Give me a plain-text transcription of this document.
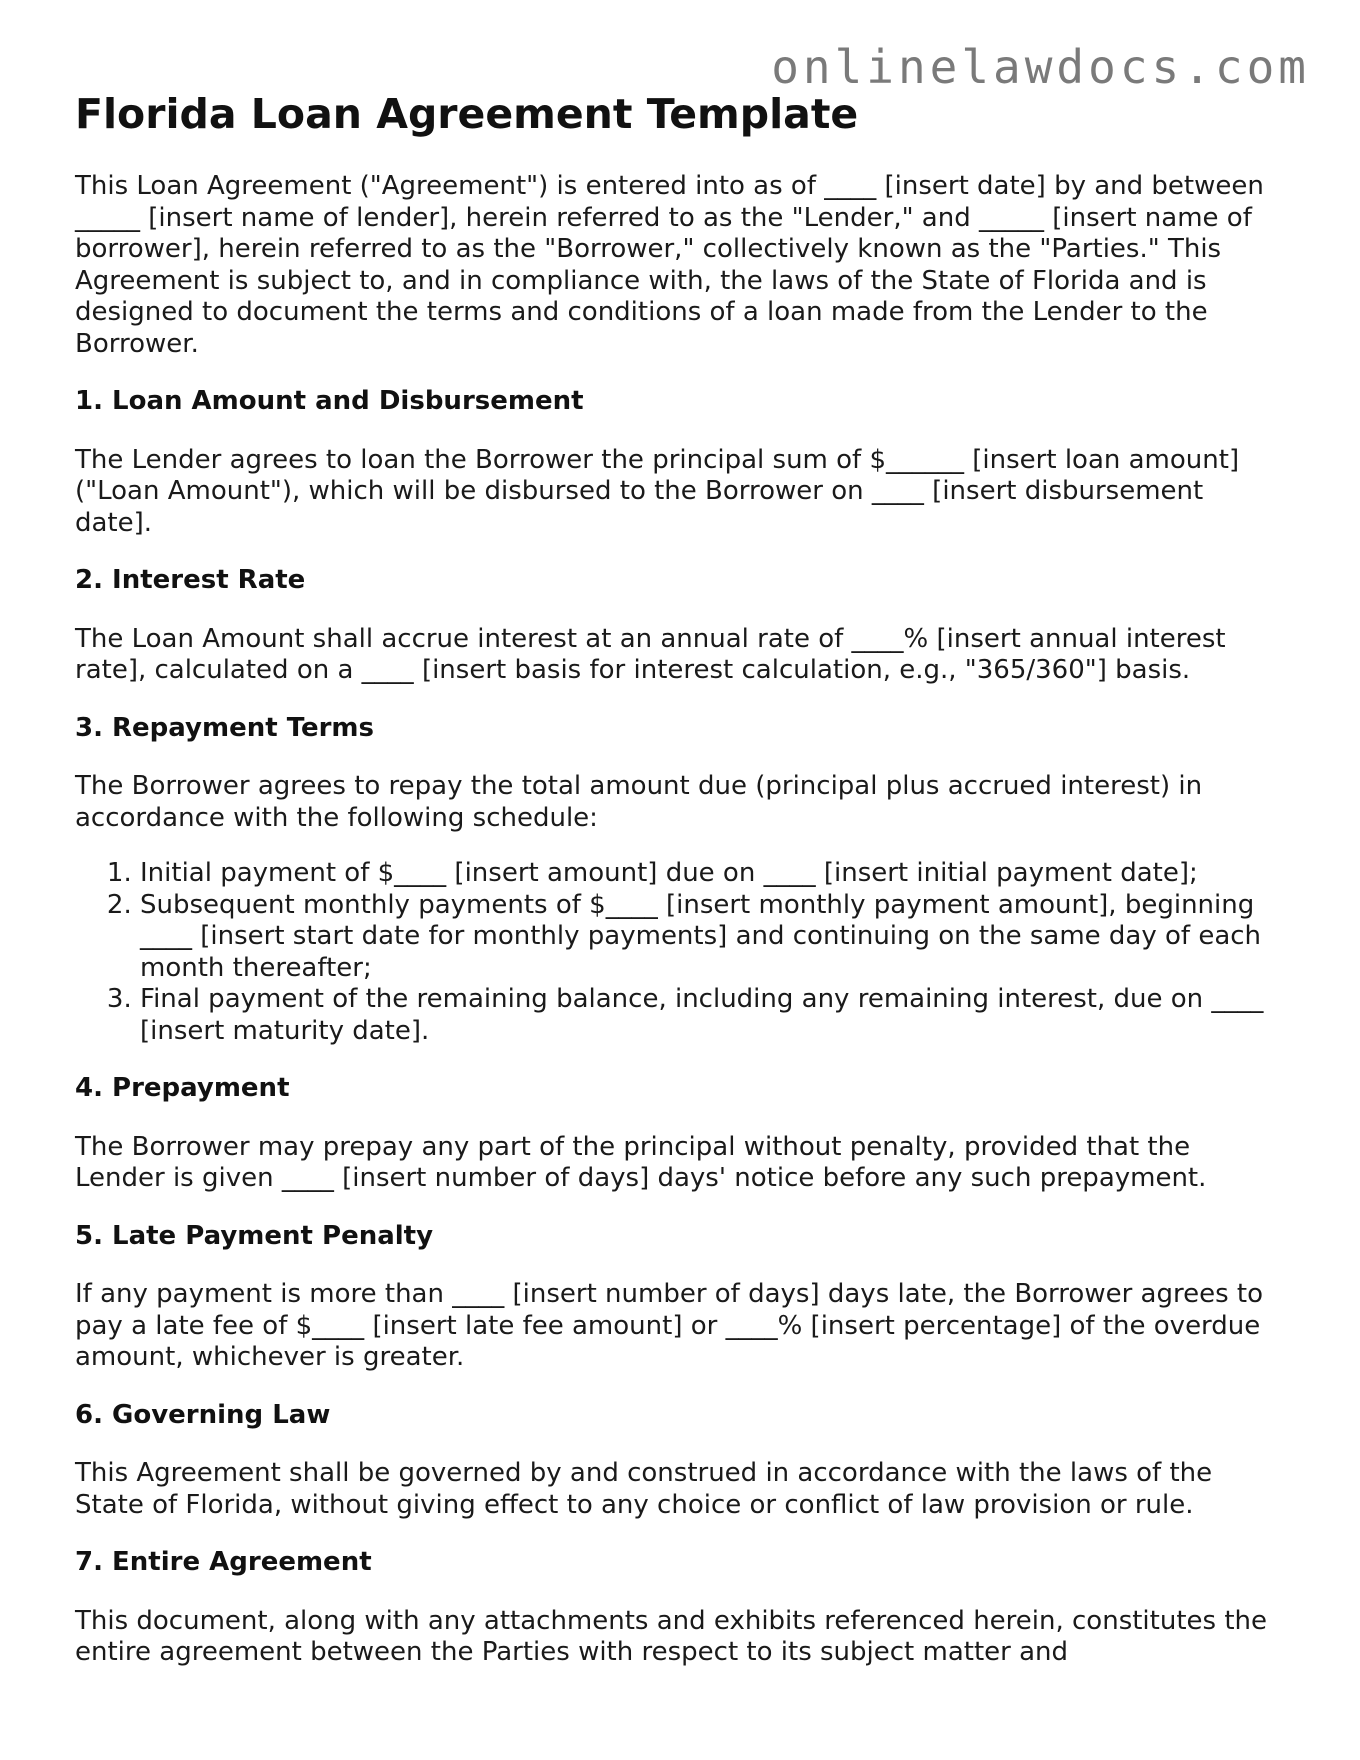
onlinelawdocs.com
Florida Loan Agreement Template

This Loan Agreement ("Agreement") is entered into as of ____ [insert date] by and between _____ [insert name of lender], herein referred to as the "Lender," and _____ [insert name of borrower], herein referred to as the "Borrower," collectively known as the "Parties." This Agreement is subject to, and in compliance with, the laws of the State of Florida and is designed to document the terms and conditions of a loan made from the Lender to the Borrower.

1. Loan Amount and Disbursement

The Lender agrees to loan the Borrower the principal sum of $______ [insert loan amount] ("Loan Amount"), which will be disbursed to the Borrower on ____ [insert disbursement date].

2. Interest Rate

The Loan Amount shall accrue interest at an annual rate of ____% [insert annual interest rate], calculated on a ____ [insert basis for interest calculation, e.g., "365/360"] basis.

3. Repayment Terms

The Borrower agrees to repay the total amount due (principal plus accrued interest) in accordance with the following schedule:

1. Initial payment of $____ [insert amount] due on ____ [insert initial payment date];
2. Subsequent monthly payments of $____ [insert monthly payment amount], beginning ____ [insert start date for monthly payments] and continuing on the same day of each month thereafter;
3. Final payment of the remaining balance, including any remaining interest, due on ____ [insert maturity date].
4. Prepayment

The Borrower may prepay any part of the principal without penalty, provided that the Lender is given ____ [insert number of days] days' notice before any such prepayment.

5. Late Payment Penalty

If any payment is more than ____ [insert number of days] days late, the Borrower agrees to pay a late fee of $____ [insert late fee amount] or ____% [insert percentage] of the overdue amount, whichever is greater.

6. Governing Law

This Agreement shall be governed by and construed in accordance with the laws of the State of Florida, without giving effect to any choice or conflict of law provision or rule.

7. Entire Agreement

This document, along with any attachments and exhibits referenced herein, constitutes the entire agreement between the Parties with respect to its subject matter and
